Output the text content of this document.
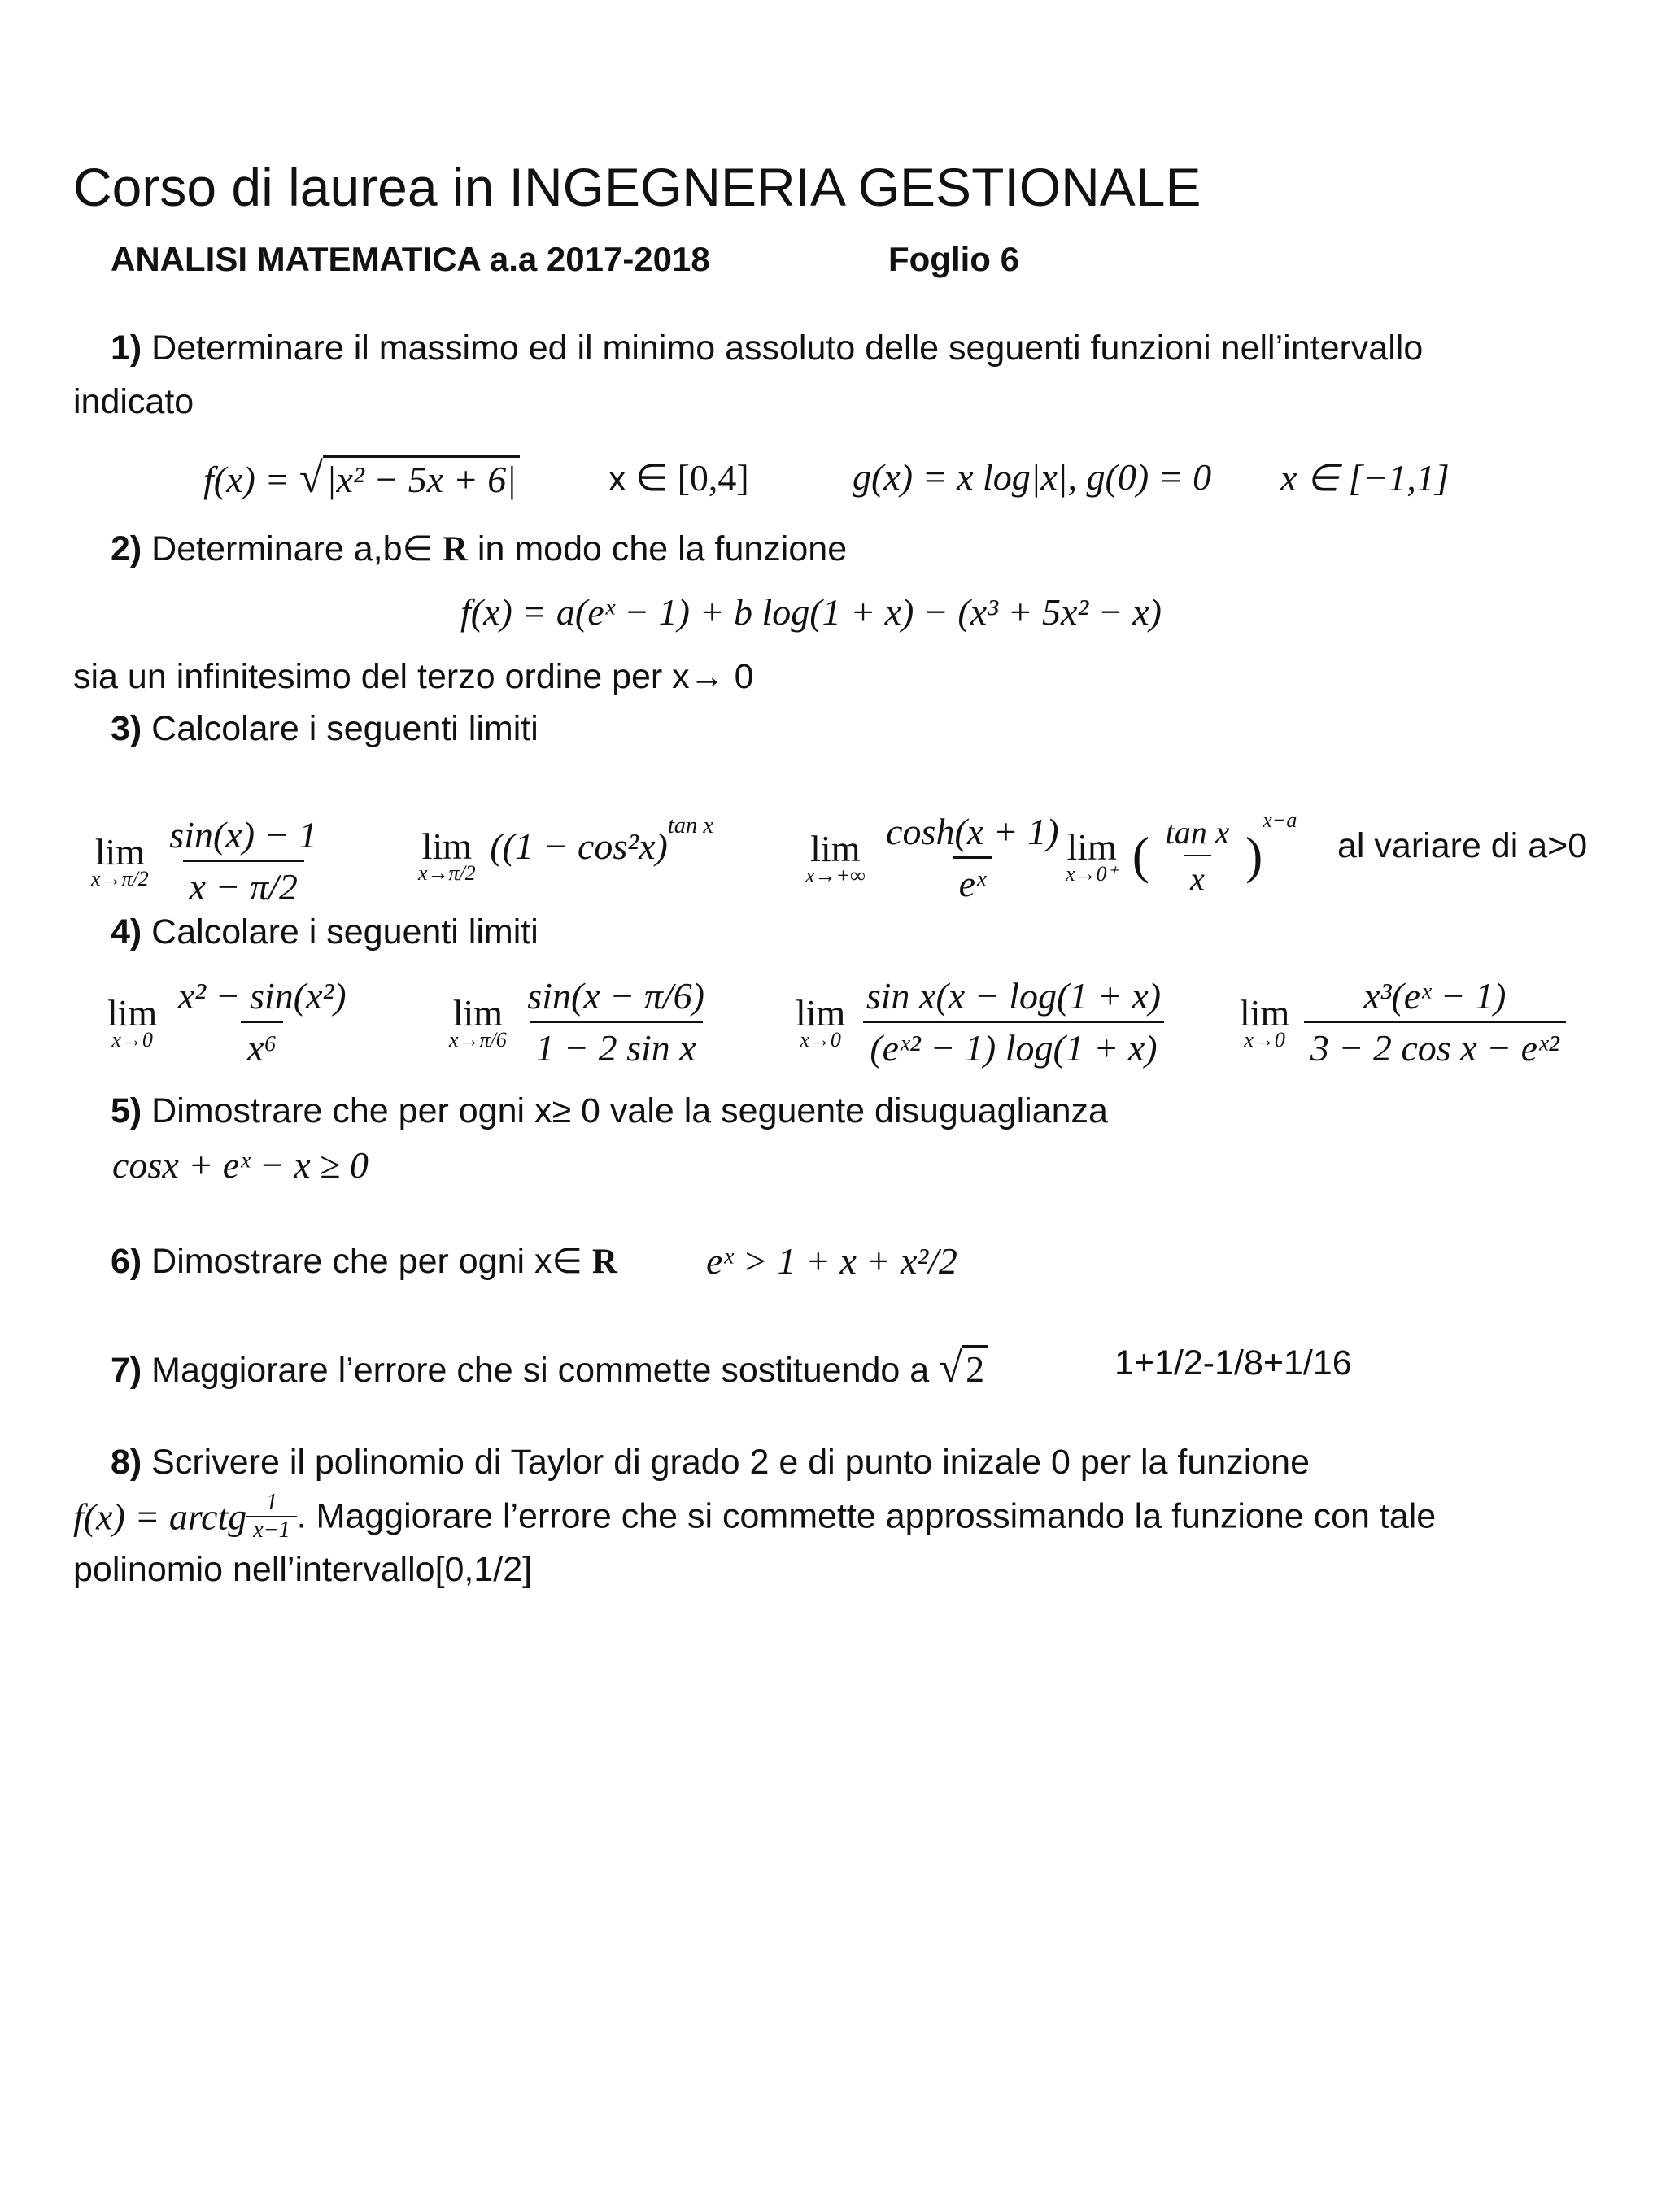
Corso di laurea in INGEGNERIA GESTIONALE
ANALISI MATEMATICA a.a 2017-2018	Foglio 6
1) Determinare il massimo ed il minimo assoluto delle seguenti funzioni nell’intervallo
indicato
f(x) = √|x² − 5x + 6|	x ∈ [0,4]	g(x) = x log|x|, g(0) = 0 x ∈ [−1,1]
2) Determinare a,b∈ R in modo che la funzione
f(x) = a(eˣ − 1) + b log(1 + x) − (x³ + 5x² − x)
sia un infinitesimo del terzo ordine per x→ 0
3) Calcolare i seguenti limiti
lim
x→π/2
$\frac{\sin(x) - 1}{x - \pi/2}$	lim
x→π/2
($(1 - \cos^2x)^{tan x}$
lim
x→+∞
$\frac{\cosh(x + 1)}{\text{eˣ}}$ lim
x→0⁺ ( $\frac{\text{tan x}}{x} )^{x-a}$
al variare di a>0
4) Calcolare i seguenti limiti
lim
x→0
$\frac{\text{x² − sin(x²)}}{\text{x⁶}}$	lim
x→π/6
$\frac{\sin(x - \pi/6)}{\text{1 − 2 sin x}}$ lim
x→0
$\frac{\text{sin x(x − log(1 + x)}}{\text{(eˣ² − 1) log(1 + x)}}$ lim
x→0
$\frac{\text{x³(eˣ − 1)}}{\text{3 − 2 cos x − eˣ²}}$
5) Dimostrare che per ogni x≥ 0 vale la seguente disuguaglianza
cosx + eˣ − x ≥ 0
6) Dimostrare che per ogni x∈ R eˣ > 1 + x + x²/2
7) Maggiorare l’errore che si commette sostituendo a √2	1+1/2-1/8+1/16
8) Scrivere il polinomio di Taylor di grado 2 e di punto inizale 0 per la funzione
f(x) = arctg $\frac{1}{x-1}$ . Maggiorare l’errore che si commette approssimando la funzione con tale
polinomio nell’intervallo[0,1/2]
